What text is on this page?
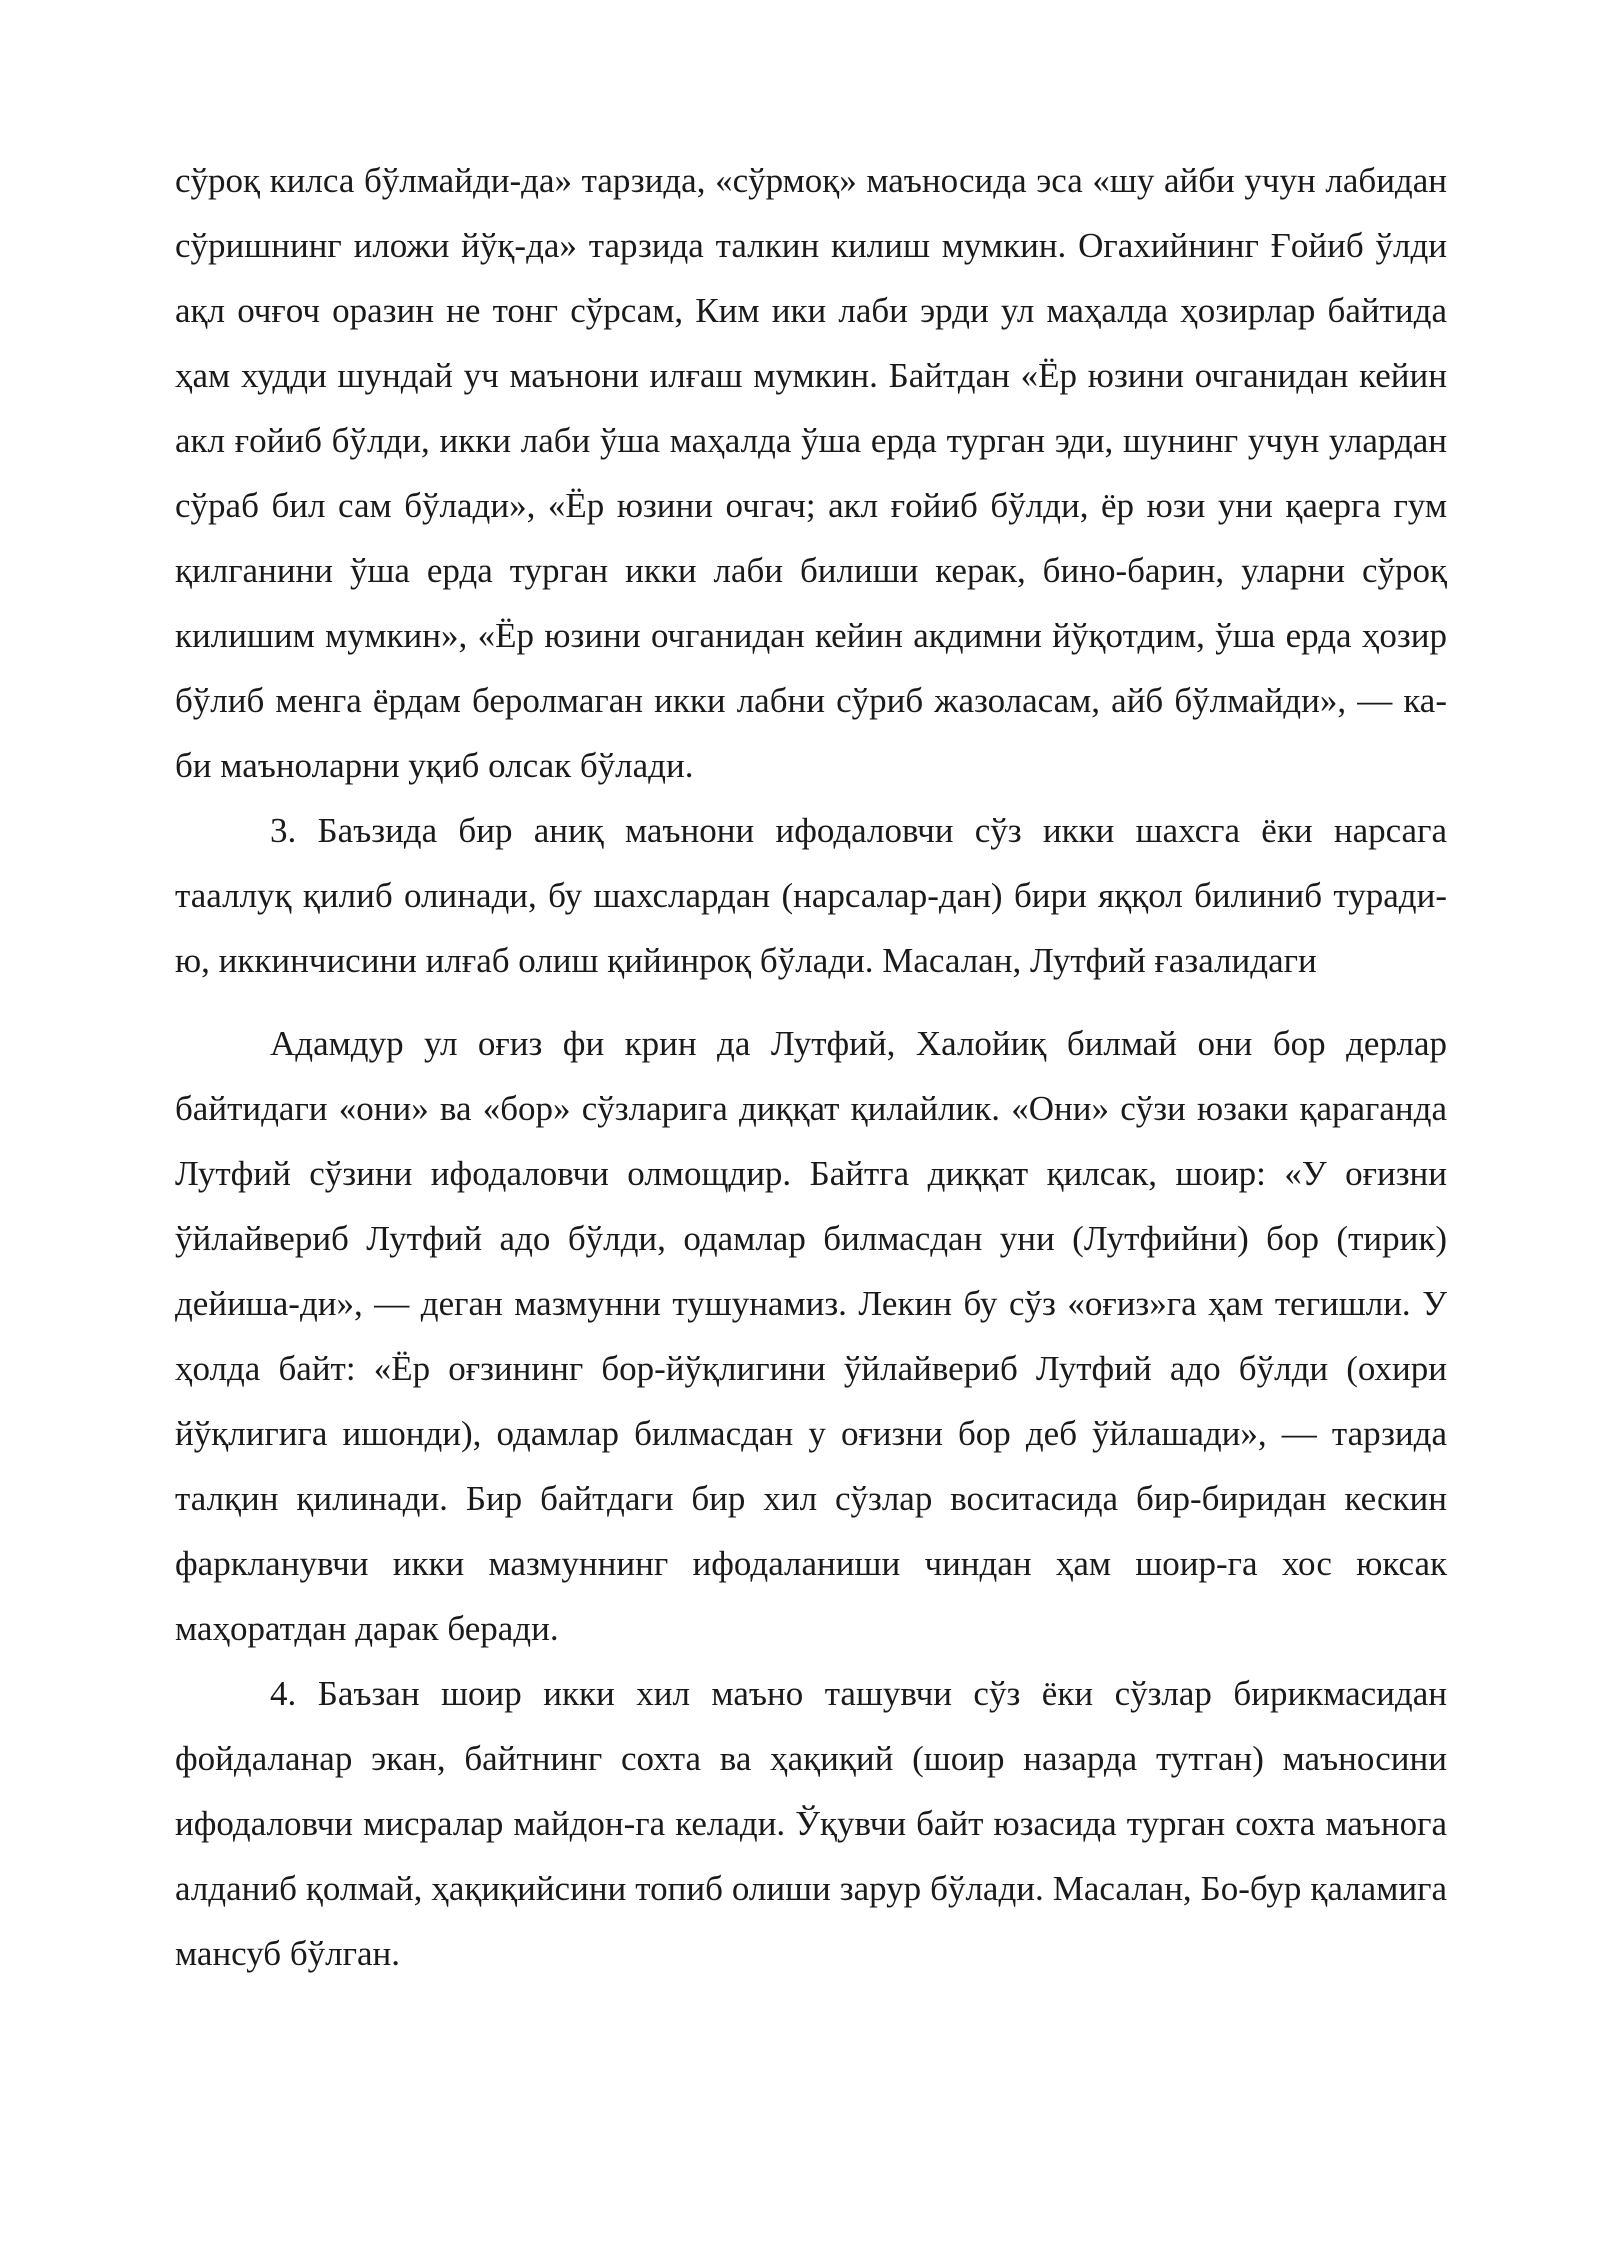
сўроқ килса бўлмайди-да» тарзида, «сўрмоқ» маъносида эса «шу айби учун лабидан сўришнинг иложи йўқ-да» тарзида талкин килиш мумкин. Огахийнинг Ғойиб ўлди ақл очғоч оразин не тонг сўрсам, Ким ики лаби эрди ул маҳалда ҳозирлар байтида ҳам худди шундай уч маънони илғаш мумкин. Байтдан «Ёр юзини очганидан кейин акл ғойиб бўлди, икки лаби ўша маҳалда ўша ерда турган эди, шунинг учун улардан сўраб бил сам бўлади», «Ёр юзини очгач; акл ғойиб бўлди, ёр юзи уни қаерга гум қилганини ўша ерда турган икки лаби билиши керак, бино-барин, уларни сўроқ килишим мумкин», «Ёр юзини очганидан кейин акдимни йўқотдим, ўша ерда ҳозир бўлиб менга ёрдам беролмаган икки лабни сўриб жазоласам, айб бўлмайди», — ка-би маъноларни уқиб олсак бўлади.

3. Баъзида бир аниқ маънони ифодаловчи сўз икки шахсга ёки нарсага тааллуқ қилиб олинади, бу шахслардан (нарсалар-дан) бири яққол билиниб туради-ю, иккинчисини илғаб олиш қийинроқ бўлади. Масалан, Лутфий ғазалидаги

Адамдур ул оғиз фи крин да Лутфий, Халойиқ билмай они бор дерлар байтидаги «они» ва «бор» сўзларига диққат қилайлик. «Они» сўзи юзаки қараганда Лутфий сўзини ифодаловчи олмощдир. Байтга диққат қилсак, шоир: «У оғизни ўйлайвериб Лутфий адо бўлди, одамлар билмасдан уни (Лутфийни) бор (тирик) дейиша-ди», — деган мазмунни тушунамиз. Лекин бу сўз «оғиз»га ҳам тегишли. У ҳолда байт: «Ёр оғзининг бор-йўқлигини ўйлайвериб Лутфий адо бўлди (охири йўқлигига ишонди), одамлар билмасдан у оғизни бор деб ўйлашади», — тарзида талқин қилинади. Бир байтдаги бир хил сўзлар воситасида бир-биридан кескин фаркланувчи икки мазмуннинг ифодаланиши чиндан ҳам шоир-га хос юксак маҳоратдан дарак беради.

4. Баъзан шоир икки хил маъно ташувчи сўз ёки сўзлар бирикмасидан фойдаланар экан, байтнинг сохта ва ҳақиқий (шоир назарда тутган) маъносини ифодаловчи мисралар майдон-га келади. Ўқувчи байт юзасида турган сохта маънога алданиб қолмай, ҳақиқийсини топиб олиши зарур бўлади. Масалан, Бо-бур қаламига мансуб бўлган.
